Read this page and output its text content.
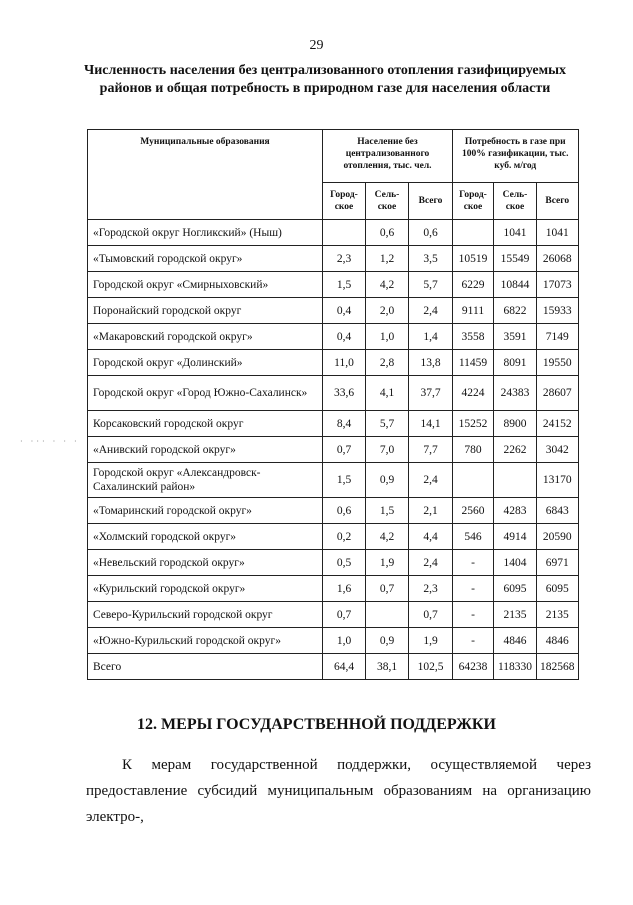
29
Численность населения без централизованного отопления газифицируемых районов и общая потребность в природном газе для населения области
· ··· · · ·
Муниципальные образования	Население без централизованного отопления, тыс. чел.			Потребность в газе при 100% газификации, тыс. куб. м/год		
	Город-ское	Сель-ское	Всего	Город-ское	Сель-ское	Всего
«Городской округ Ногликский» (Ныш)		0,6	0,6		1041	1041
«Тымовский городской округ»	2,3	1,2	3,5	10519	15549	26068
Городской округ «Смирныховский»	1,5	4,2	5,7	6229	10844	17073
Поронайский городской округ	0,4	2,0	2,4	9111	6822	15933
«Макаровский городской округ»	0,4	1,0	1,4	3558	3591	7149
Городской округ «Долинский»	11,0	2,8	13,8	11459	8091	19550
Городской округ «Город Южно-Сахалинск»	33,6	4,1	37,7	4224	24383	28607
Корсаковский городской округ	8,4	5,7	14,1	15252	8900	24152
«Анивский городской округ»	0,7	7,0	7,7	780	2262	3042
Городской округ «Александровск-Сахалинский район»	1,5	0,9	2,4			13170
«Томаринский городской округ»	0,6	1,5	2,1	2560	4283	6843
«Холмский городской округ»	0,2	4,2	4,4	546	4914	20590
«Невельский городской округ»	0,5	1,9	2,4	-	1404	6971
«Курильский городской округ»	1,6	0,7	2,3	-	6095	6095
Северо-Курильский городской округ	0,7		0,7	-	2135	2135
«Южно-Курильский городской округ»	1,0	0,9	1,9	-	4846	4846
Всего	64,4	38,1	102,5	64238	118330	182568
12. МЕРЫ ГОСУДАРСТВЕННОЙ ПОДДЕРЖКИ
К мерам государственной поддержки, осуществляемой через предоставление субсидий муниципальным образованиям на организацию электро-,
